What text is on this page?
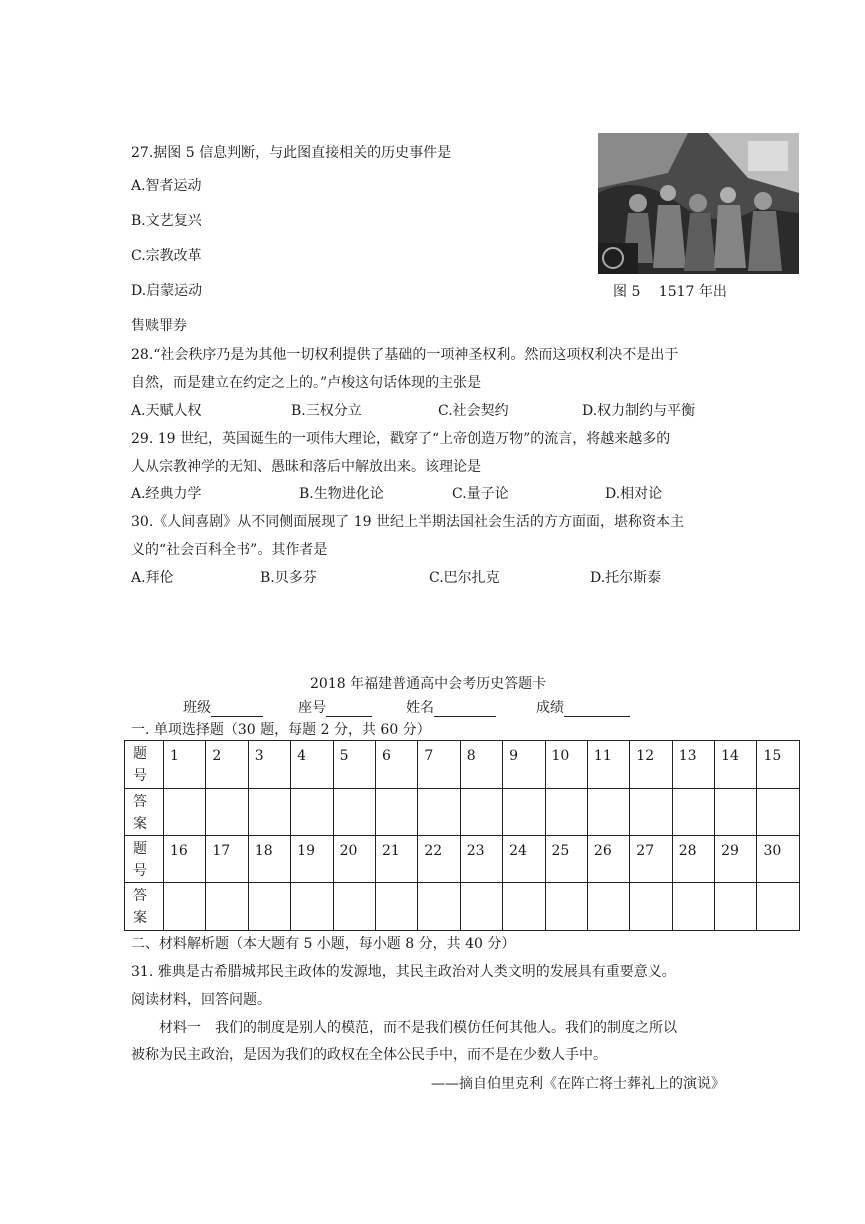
27.据图 5 信息判断，与此图直接相关的历史事件是
A.智者运动
B.文艺复兴
C.宗教改革
D.启蒙运动	图 5　 1517 年出
售赎罪券
28.“社会秩序乃是为其他一切权利提供了基础的一项神圣权利。然而这项权利决不是出于
自然，而是建立在约定之上的。”卢梭这句话体现的主张是
A.天赋人权	B.三权分立	C.社会契约	D.权力制约与平衡
29. 19 世纪，英国诞生的一项伟大理论，戳穿了“上帝创造万物”的流言，将越来越多的
人从宗教神学的无知、愚昧和落后中解放出来。该理论是
A.经典力学	B.生物进化论	C.量子论	D.相对论
30.《人间喜剧》从不同侧面展现了 19 世纪上半期法国社会生活的方方面面，堪称资本主
义的“社会百科全书”。其作者是
A.拜伦	B.贝多芬	C.巴尔扎克	D.托尔斯泰
2018 年福建普通高中会考历史答题卡
班级	座号	姓名	成绩
一. 单项选择题（30 题，每题 2 分，共 60 分）
题
号	1	2	3	4	5	6	7	8	9	10	11	12	13	14	15
答
案															
题
号	16	17	18	19	20	21	22	23	24	25	26	27	28	29	30
答
案															
二、材料解析题（本大题有 5 小题，每小题 8 分，共 40 分）
31. 雅典是古希腊城邦民主政体的发源地，其民主政治对人类文明的发展具有重要意义。
阅读材料，回答问题。
材料一　我们的制度是别人的模范，而不是我们模仿任何其他人。我们的制度之所以
被称为民主政治，是因为我们的政权在全体公民手中，而不是在少数人手中。
——摘自伯里克利《在阵亡将士葬礼上的演说》
